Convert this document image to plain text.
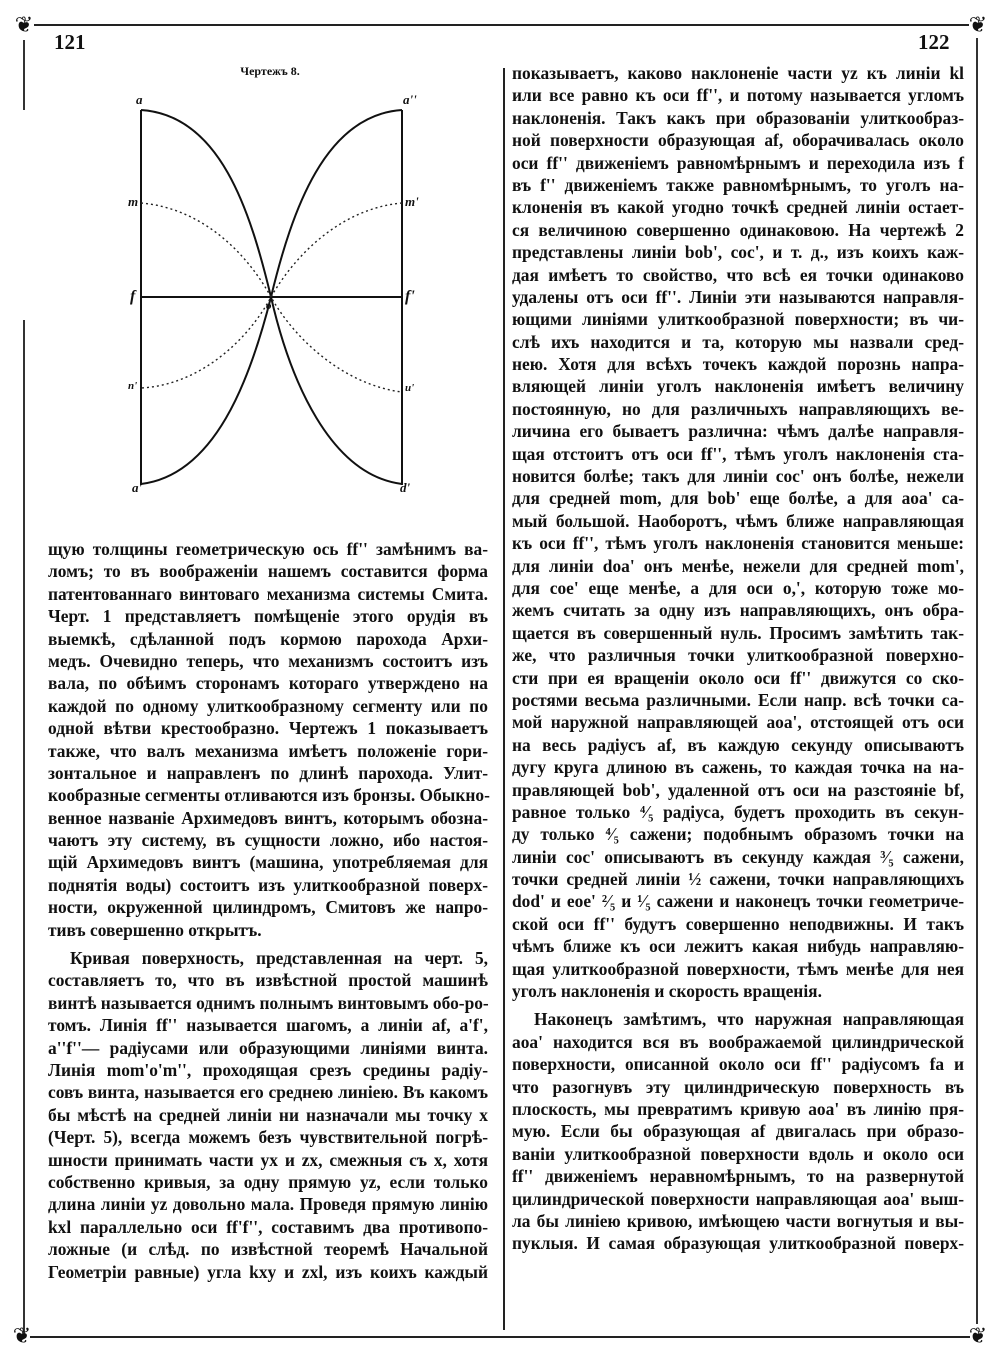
❦	❦
❦	❦
121	122
Чертежъ 8.
a	a''
m	m'
f	f'
o
n'	u'
a'	d'
щую толщины геометрическую ось ff'' замѣнимъ ва-
ломъ; то въ воображеніи нашемъ составится форма
патентованнаго винтоваго механизма системы Смита.
Черт. 1 представляетъ помѣщеніе этого орудія въ
выемкѣ, сдѣланной подъ кормою парохода Архи-
медъ. Очевидно теперь, что механизмъ состоитъ изъ
вала, по обѣимъ сторонамъ котораго утверждено на
каждой по одному улиткообразному сегменту или по
одной вѣтви крестообразно. Чертежъ 1 показываетъ
также, что валъ механизма имѣетъ положеніе гори-
зонтальное и направленъ по длинѣ парохода. Улит-
кообразные сегменты отливаются изъ бронзы. Обыкно-
венное названіе Архимедовъ винтъ, которымъ обозна-
чаютъ эту систему, въ сущности ложно, ибо настоя-
щій Архимедовъ винтъ (машина, употребляемая для
поднятія воды) состоитъ изъ улиткообразной поверх-
ности, окруженной цилиндромъ, Смитовъ же напро-
тивъ совершенно открытъ.
Кривая поверхность, представленная на черт. 5,
составляетъ то, что въ извѣстной простой машинѣ
винтѣ называется однимъ полнымъ винтовымъ обо-ро-
томъ. Линія ff'' называется шагомъ, а линіи af, a'f',
a''f''— радіусами или образующими линіями винта.
Линія mom'o'm'', проходящая срезъ средины радіу-
совъ винта, называется его среднею линіею. Въ какомъ
бы мѣстѣ на средней линіи ни назначали мы точку x
(Черт. 5), всегда можемъ безъ чувствительной погрѣ-
шности принимать части yx и zx, смежныя съ x, хотя
собственно кривыя, за одну прямую yz, если только
длина линіи yz довольно мала. Проведя прямую линію
kxl параллельно оси ff'f'', составимъ два противопо-
ложные (и слѣд. по извѣстной теоремѣ Начальной
Геометріи равные) угла kxy и zxl, изъ коихъ каждый
показываетъ, каково наклоненіе части yz къ линіи kl
или все равно къ оси ff'', и потому называется угломъ
наклоненія. Такъ какъ при образованіи улиткообраз-
ной поверхности образующая af, оборачивалась около
оси ff'' движеніемъ равномѣрнымъ и переходила изъ f
въ f'' движеніемъ также равномѣрнымъ, то уголъ на-
клоненія въ какой угодно точкѣ средней линіи остает-
ся величиною совершенно одинаковою. На чертежѣ 2
представлены линіи bob', coc', и т. д., изъ коихъ каж-
дая имѣетъ то свойство, что всѣ ея точки одинаково
удалены отъ оси ff''. Линіи эти называются направля-
ющими линіями улиткообразной поверхности; въ чи-
слѣ ихъ находится и та, которую мы назвали сред-
нею. Хотя для всѣхъ точекъ каждой порознь напра-
вляющей линіи уголъ наклоненія имѣетъ величину
постоянную, но для различныхъ направляющихъ ве-
личина его бываетъ различна: чѣмъ далѣе направля-
щая отстоитъ отъ оси ff'', тѣмъ уголъ наклоненія ста-
новится болѣе; такъ для линіи coc' онъ болѣе, нежели
для средней mom, для bob' еще болѣе, а для aoa' са-
мый большой. Наоборотъ, чѣмъ ближе направляющая
къ оси ff'', тѣмъ уголъ наклоненія становится меньше:
для линіи doa' онъ менѣе, нежели для средней mom',
для coe' еще менѣе, а для оси o,', которую тоже мо-
жемъ считать за одну изъ направляющихъ, онъ обра-
щается въ совершенный нуль. Просимъ замѣтить так-
же, что различныя точки улиткообразной поверхно-
сти при ея вращеніи около оси ff'' движутся со ско-
ростями весьма различными. Если напр. всѣ точки са-
мой наружной направляющей aoa', отстоящей отъ оси
на весь радіусъ af, въ каждую секунду описываютъ
дугу круга длиною въ сажень, то каждая точка на на-
правляющей bob', удаленной отъ оси на разстояніе bf,
равное только ⁴⁄₅ радіуса, будетъ проходить въ секун-
ду только ⁴⁄₅ сажени; подобнымъ образомъ точки на
линіи coc' описываютъ въ секунду каждая ³⁄₅ сажени,
точки средней линіи ½ сажени, точки направляющихъ
dod' и eoe' ²⁄₅ и ¹⁄₅ сажени и наконецъ точки геометриче-
ской оси ff'' будутъ совершенно неподвижны. И такъ
чѣмъ ближе къ оси лежитъ какая нибудь направляю-
щая улиткообразной поверхности, тѣмъ менѣе для нея
уголъ наклоненія и скорость вращенія.
Наконецъ замѣтимъ, что наружная направляющая
aoa' находится вся въ воображаемой цилиндрической
поверхности, описанной около оси ff'' радіусомъ fa и
что разогнувъ эту цилиндрическую поверхность въ
плоскость, мы превратимъ кривую aoa' въ линію пря-
мую. Если бы образующая af двигалась при образо-
ваніи улиткообразной поверхности вдоль и около оси
ff'' движеніемъ неравномѣрнымъ, то на развернутой
цилиндрической поверхности направляющая aoa' выш-
ла бы линіею кривою, имѣющею части вогнутыя и вы-
пуклыя. И самая образующая улиткообразной поверх-
